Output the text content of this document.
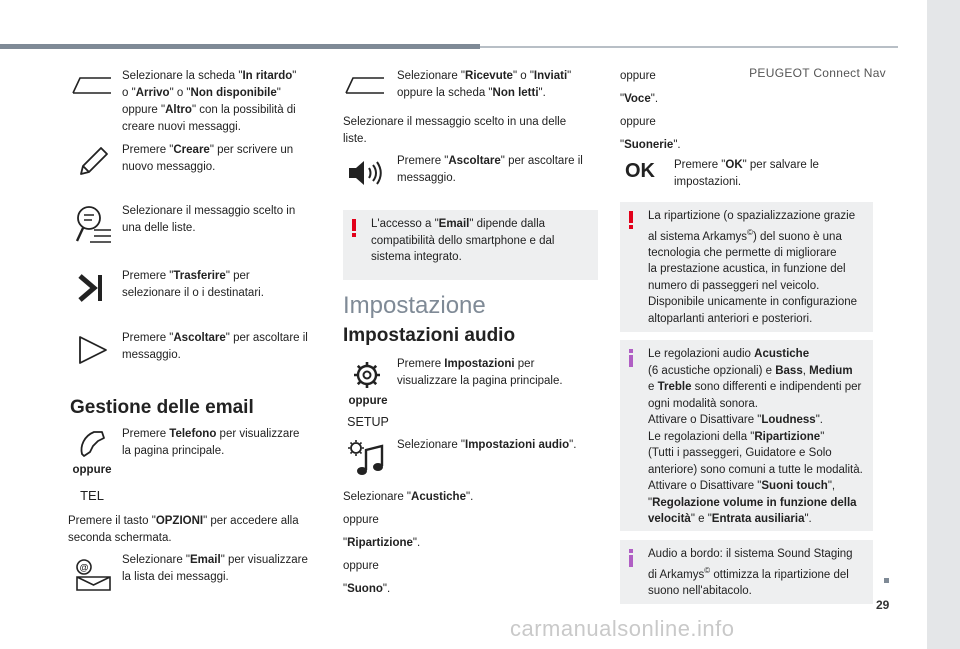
PEUGEOT Connect Nav
Selezionare la scheda "In ritardo"
o "Arrivo" o "Non disponibile"
oppure "Altro" con la possibilità di
creare nuovi messaggi.
Premere "Creare" per scrivere un
nuovo messaggio.
Selezionare il messaggio scelto in
una delle liste.
Premere "Trasferire" per
selezionare il o i destinatari.
Premere "Ascoltare" per ascoltare il
messaggio.
Gestione delle email
oppure
TEL
Premere Telefono per visualizzare
la pagina principale.
Premere il tasto "OPZIONI" per accedere alla
seconda schermata.
@
Selezionare "Email" per visualizzare
la lista dei messaggi.
Selezionare "Ricevute" o "Inviati"
oppure la scheda "Non letti".
Selezionare il messaggio scelto in una delle
liste.
Premere "Ascoltare" per ascoltare il
messaggio.
L'accesso a "Email" dipende dalla
compatibilità dello smartphone e dal
sistema integrato.
Impostazione
Impostazioni audio
oppure
SETUP
Premere Impostazioni per
visualizzare la pagina principale.
Selezionare "Impostazioni audio".
Selezionare "Acustiche".
oppure
"Ripartizione".
oppure
"Suono".
oppure
"Voce".
oppure
"Suonerie".
OK Premere "OK" per salvare le
impostazioni.
La ripartizione (o spazializzazione grazie
al sistema Arkamys©) del suono è una
tecnologia che permette di migliorare
la prestazione acustica, in funzione del
numero di passeggeri nel veicolo.
Disponibile unicamente in configurazione
altoparlanti anteriori e posteriori.
Le regolazioni audio Acustiche
(6 acustiche opzionali) e Bass, Medium
e Treble sono differenti e indipendenti per
ogni modalità sonora.
Attivare o Disattivare "Loudness".
Le regolazioni della "Ripartizione"
(Tutti i passeggeri, Guidatore e Solo
anteriore) sono comuni a tutte le modalità.
Attivare o Disattivare "Suoni touch",
"Regolazione volume in funzione della
velocità" e "Entrata ausiliaria".
Audio a bordo: il sistema Sound Staging
di Arkamys© ottimizza la ripartizione del
suono nell'abitacolo.
29
carmanualsonline.info
